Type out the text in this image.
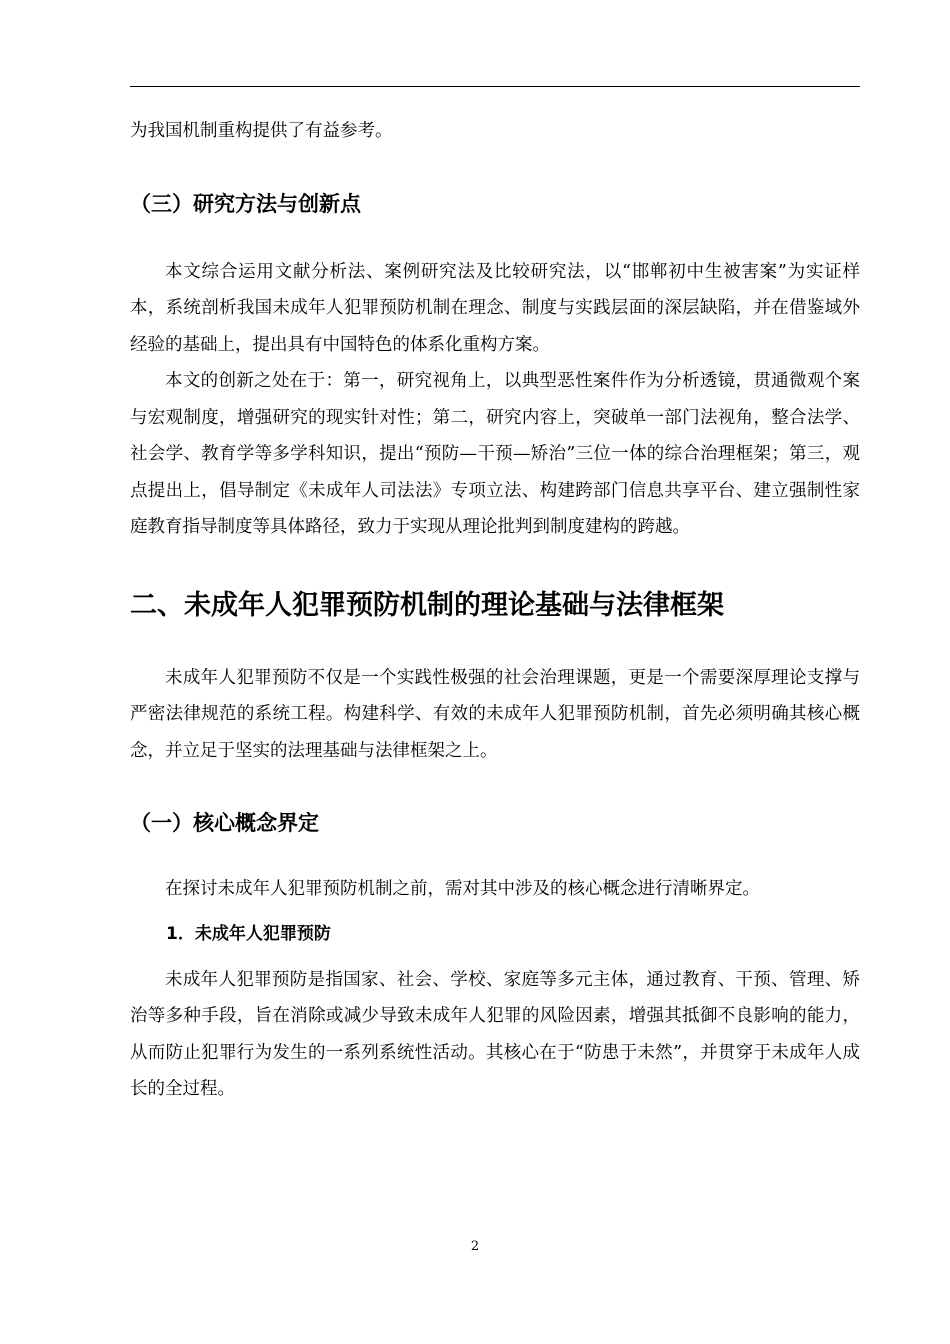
为我国机制重构提供了有益参考。

（三）研究方法与创新点

本文综合运用文献分析法、案例研究法及比较研究法，以“邯郸初中生被害案”为实证样本，系统剖析我国未成年人犯罪预防机制在理念、制度与实践层面的深层缺陷，并在借鉴域外经验的基础上，提出具有中国特色的体系化重构方案。

本文的创新之处在于：第一，研究视角上，以典型恶性案件作为分析透镜，贯通微观个案与宏观制度，增强研究的现实针对性；第二，研究内容上，突破单一部门法视角，整合法学、社会学、教育学等多学科知识，提出“预防—干预—矫治”三位一体的综合治理框架；第三，观点提出上，倡导制定《未成年人司法法》专项立法、构建跨部门信息共享平台、建立强制性家庭教育指导制度等具体路径，致力于实现从理论批判到制度建构的跨越。

二、未成年人犯罪预防机制的理论基础与法律框架

未成年人犯罪预防不仅是一个实践性极强的社会治理课题，更是一个需要深厚理论支撑与严密法律规范的系统工程。构建科学、有效的未成年人犯罪预防机制，首先必须明确其核心概念，并立足于坚实的法理基础与法律框架之上。

（一）核心概念界定

在探讨未成年人犯罪预防机制之前，需对其中涉及的核心概念进行清晰界定。

1．未成年人犯罪预防

未成年人犯罪预防是指国家、社会、学校、家庭等多元主体，通过教育、干预、管理、矫治等多种手段，旨在消除或减少导致未成年人犯罪的风险因素，增强其抵御不良影响的能力，从而防止犯罪行为发生的一系列系统性活动。其核心在于“防患于未然”，并贯穿于未成年人成长的全过程。

2
